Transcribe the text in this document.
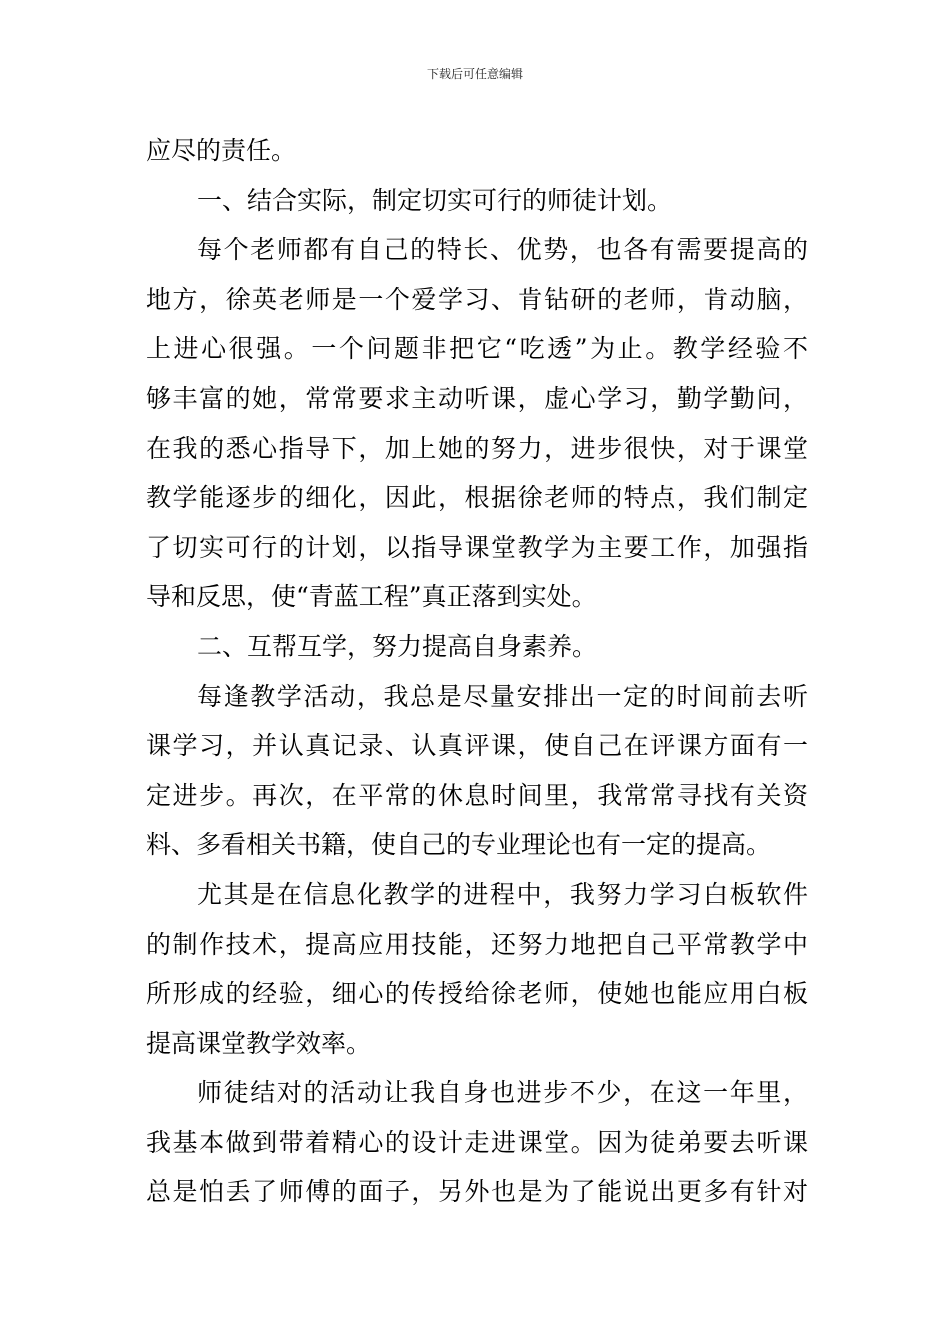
下载后可任意编辑
应尽的责任。
一、结合实际，制定切实可行的师徒计划。
每个老师都有自己的特长、优势，也各有需要提高的
地方，徐英老师是一个爱学习、肯钻研的老师，肯动脑，
上进心很强。一个问题非把它“吃透”为止。教学经验不
够丰富的她，常常要求主动听课，虚心学习，勤学勤问，
在我的悉心指导下，加上她的努力，进步很快，对于课堂
教学能逐步的细化，因此，根据徐老师的特点，我们制定
了切实可行的计划，以指导课堂教学为主要工作，加强指
导和反思，使“青蓝工程”真正落到实处。
二、互帮互学，努力提高自身素养。
每逢教学活动，我总是尽量安排出一定的时间前去听
课学习，并认真记录、认真评课，使自己在评课方面有一
定进步。再次，在平常的休息时间里，我常常寻找有关资
料、多看相关书籍，使自己的专业理论也有一定的提高。
尤其是在信息化教学的进程中，我努力学习白板软件
的制作技术，提高应用技能，还努力地把自己平常教学中
所形成的经验，细心的传授给徐老师，使她也能应用白板
提高课堂教学效率。
师徒结对的活动让我自身也进步不少，在这一年里，
我基本做到带着精心的设计走进课堂。因为徒弟要去听课
总是怕丢了师傅的面子，另外也是为了能说出更多有针对
